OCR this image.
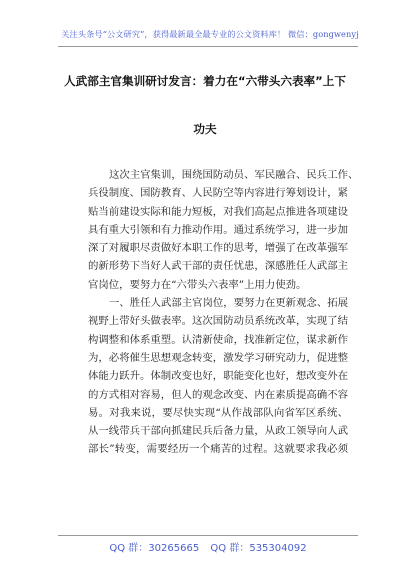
关注头条号“公文研究”，获得最新最全最专业的公文资料库！ 微信：gongwenyj
人武部主官集训研讨发言：着力在“六带头六表率”上下
功夫
这次主官集训，围绕国防动员、军民融合、民兵工作、
兵役制度、国防教育、人民防空等内容进行筹划设计，紧
贴当前建设实际和能力短板，对我们高起点推进各项建设
具有重大引领和有力推动作用。通过系统学习，进一步加
深了对履职尽责做好本职工作的思考，增强了在改革强军
的新形势下当好人武干部的责任忧患，深感胜任人武部主
官岗位，要努力在“六带头六表率”上用力使劲。
一、胜任人武部主官岗位，要努力在更新观念、拓展
视野上带好头做表率。这次国防动员系统改革，实现了结
构调整和体系重塑。认清新使命，找准新定位，谋求新作
为，必将催生思想观念转变，激发学习研究动力，促进整
体能力跃升。体制改变也好，职能变化也好，想改变外在
的方式相对容易，但人的观念改变、内在素质提高确不容
易。对我来说，要尽快实现“从作战部队向省军区系统、
从一线带兵干部向抓建民兵后备力量，从政工领导向人武
部长”转变，需要经历一个痛苦的过程。这就要求我必须
QQ 群：30265665 QQ 群：535304092
